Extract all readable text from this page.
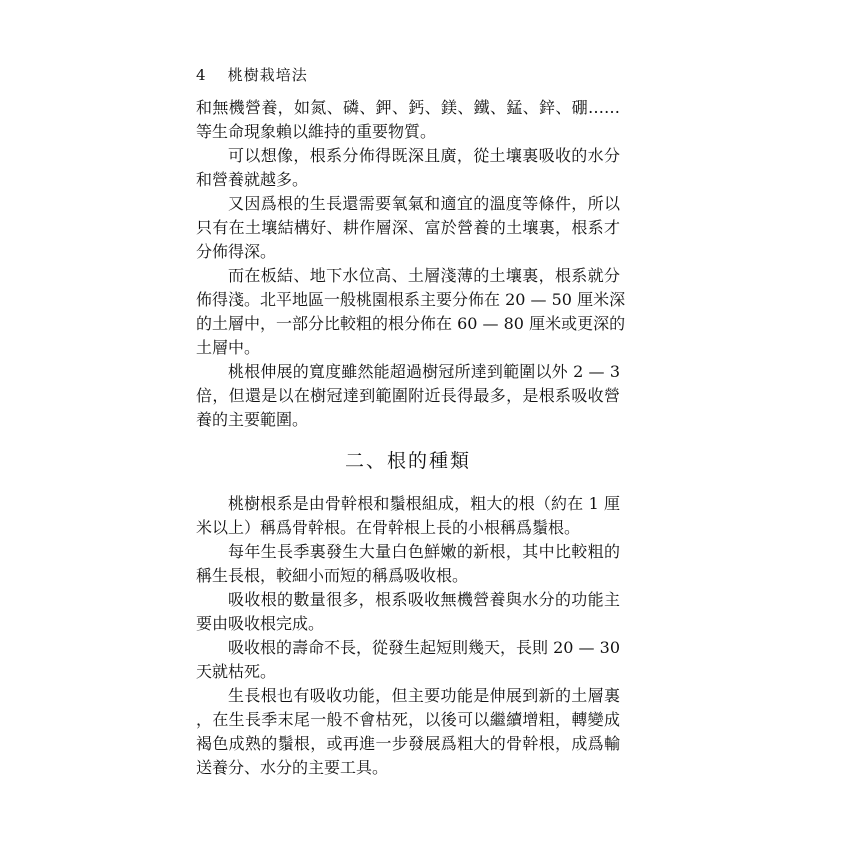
4 桃樹栽培法
和無機營養，如氮、磷、鉀、鈣、鎂、鐵、錳、鋅、硼……
等生命現象賴以維持的重要物質。
可以想像，根系分佈得既深且廣，從土壤裏吸收的水分
和營養就越多。
又因爲根的生長還需要氧氣和適宜的溫度等條件，所以
只有在土壤結構好、耕作層深、富於營養的土壤裏，根系才
分佈得深。
而在板結、地下水位高、土層淺薄的土壤裏，根系就分
佈得淺。北平地區一般桃園根系主要分佈在 20 — 50 厘米深
的土層中，一部分比較粗的根分佈在 60 — 80 厘米或更深的
土層中。
桃根伸展的寬度雖然能超過樹冠所達到範圍以外 2 — 3
倍，但還是以在樹冠達到範圍附近長得最多，是根系吸收營
養的主要範圍。
二、根的種類
桃樹根系是由骨幹根和鬚根組成，粗大的根（約在 1 厘
米以上）稱爲骨幹根。在骨幹根上長的小根稱爲鬚根。
每年生長季裏發生大量白色鮮嫩的新根，其中比較粗的
稱生長根，較細小而短的稱爲吸收根。
吸收根的數量很多，根系吸收無機營養與水分的功能主
要由吸收根完成。
吸收根的壽命不長，從發生起短則幾天，長則 20 — 30
天就枯死。
生長根也有吸收功能，但主要功能是伸展到新的土層裏
，在生長季末尾一般不會枯死，以後可以繼續增粗，轉變成
褐色成熟的鬚根，或再進一步發展爲粗大的骨幹根，成爲輸
送養分、水分的主要工具。
